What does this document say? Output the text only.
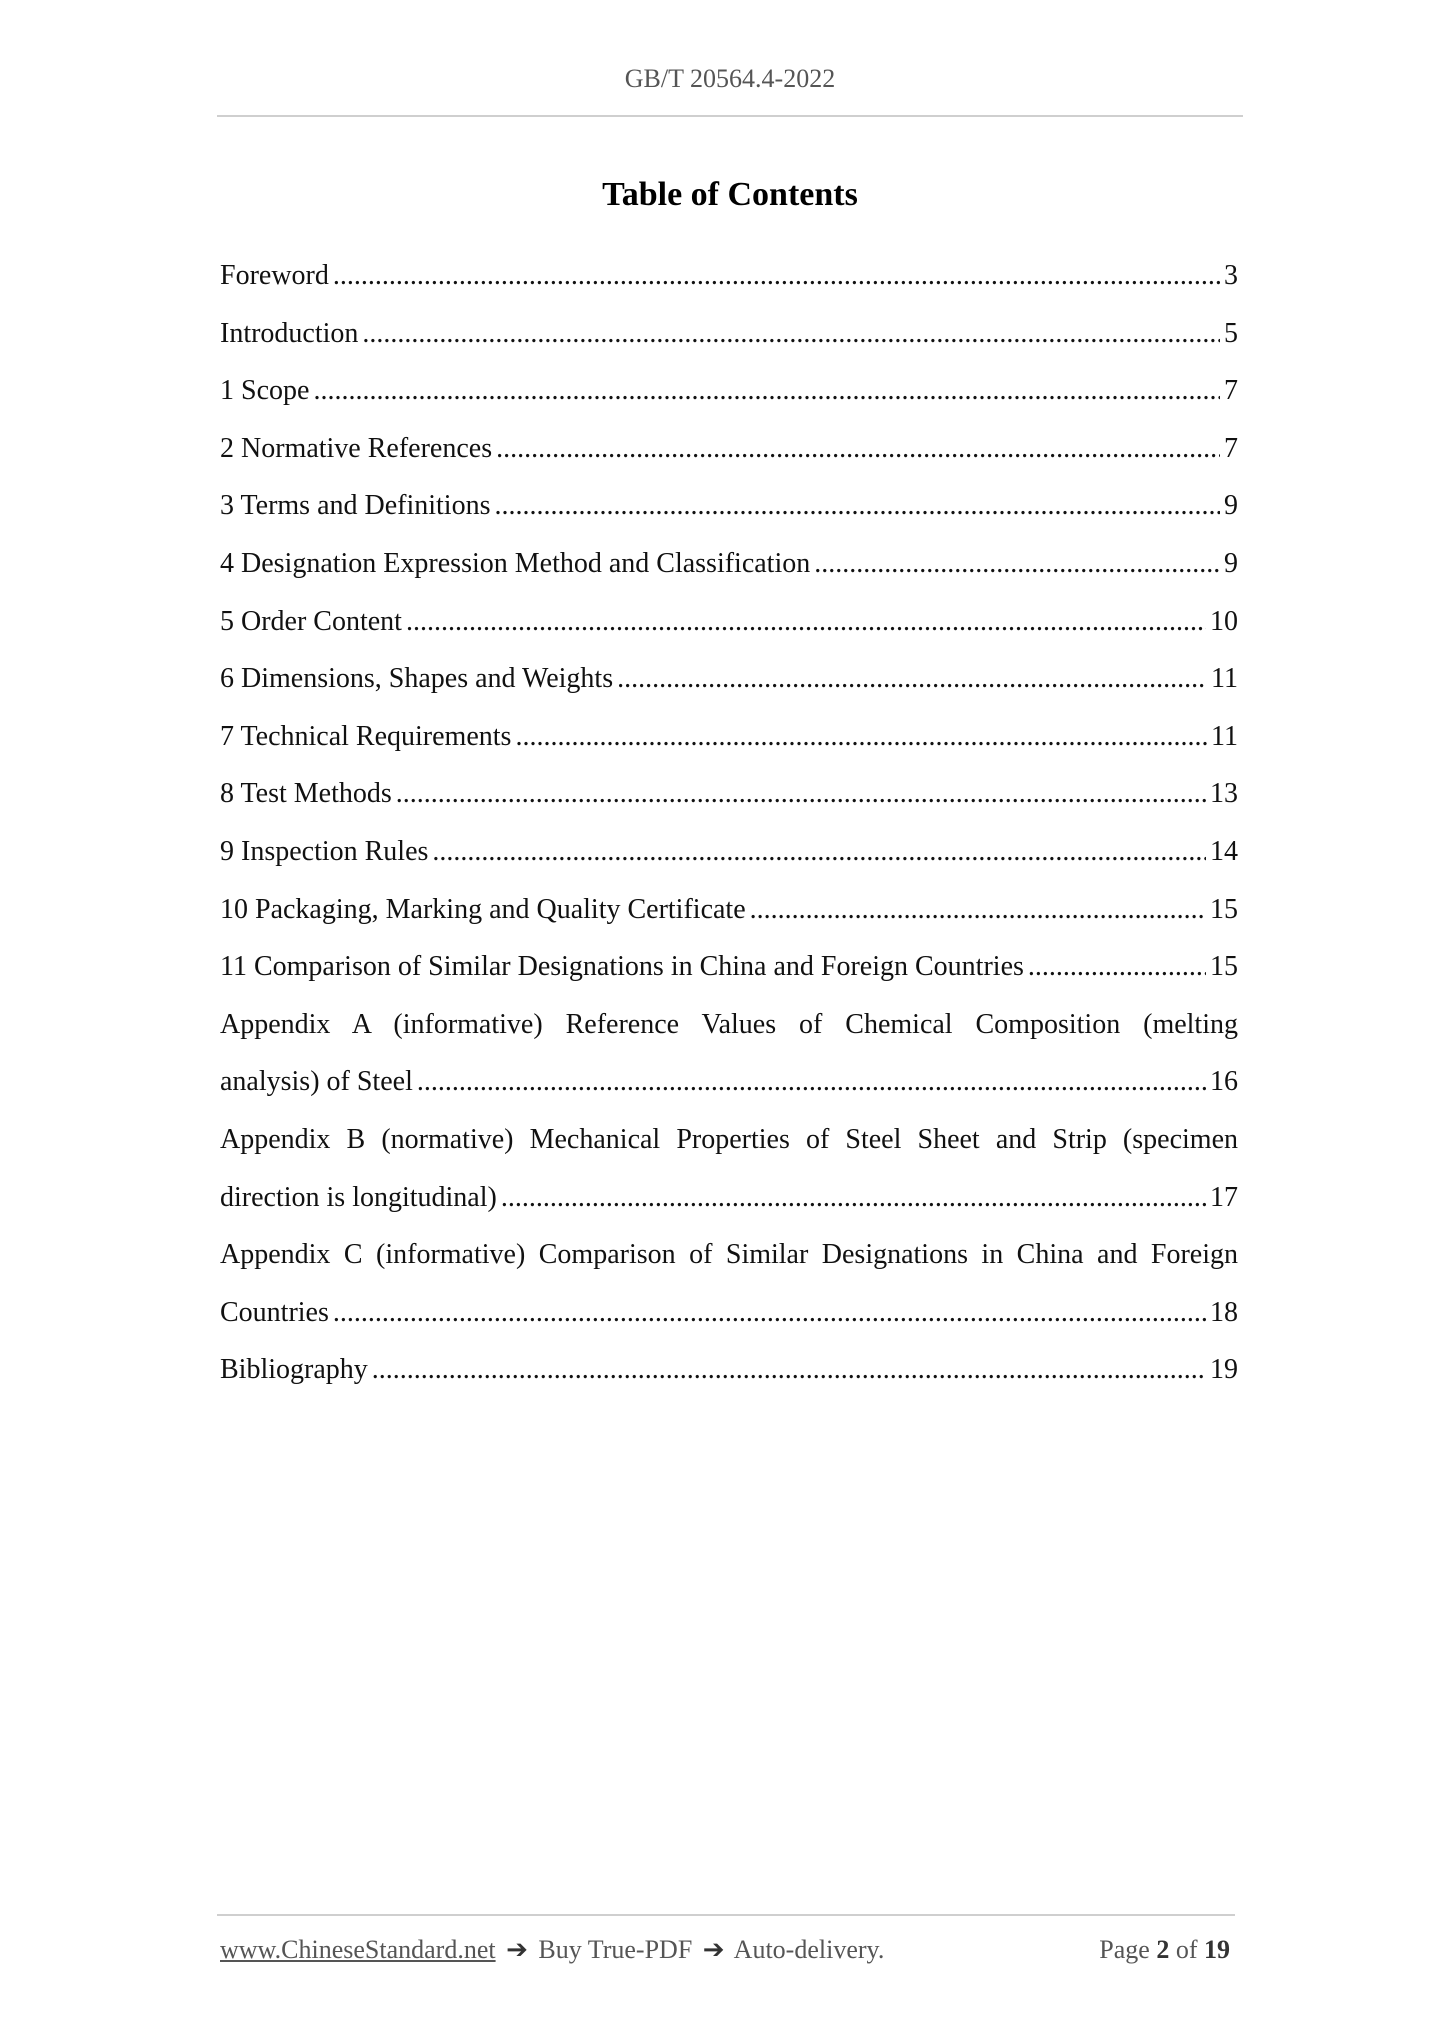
GB/T 20564.4-2022
Table of Contents
Foreword .....	3
Introduction .....	5
1 Scope .....	7
2 Normative References .....	7
3 Terms and Definitions .....	9
4 Designation Expression Method and Classification .....	9
5 Order Content .....	10
6 Dimensions, Shapes and Weights .....	11
7 Technical Requirements .....	11
8 Test Methods .....	13
9 Inspection Rules .....	14
10 Packaging, Marking and Quality Certificate .....	15
11 Comparison of Similar Designations in China and Foreign Countries .....	15
Appendix A (informative) Reference Values of Chemical Composition (melting
analysis) of Steel .....	16
Appendix B (normative) Mechanical Properties of Steel Sheet and Strip (specimen
direction is longitudinal) .....	17
Appendix C (informative) Comparison of Similar Designations in China and Foreign
Countries .....	18
Bibliography .....	19
www.ChineseStandard.net ➔ Buy True-PDF ➔ Auto-delivery.	Page 2 of 19
